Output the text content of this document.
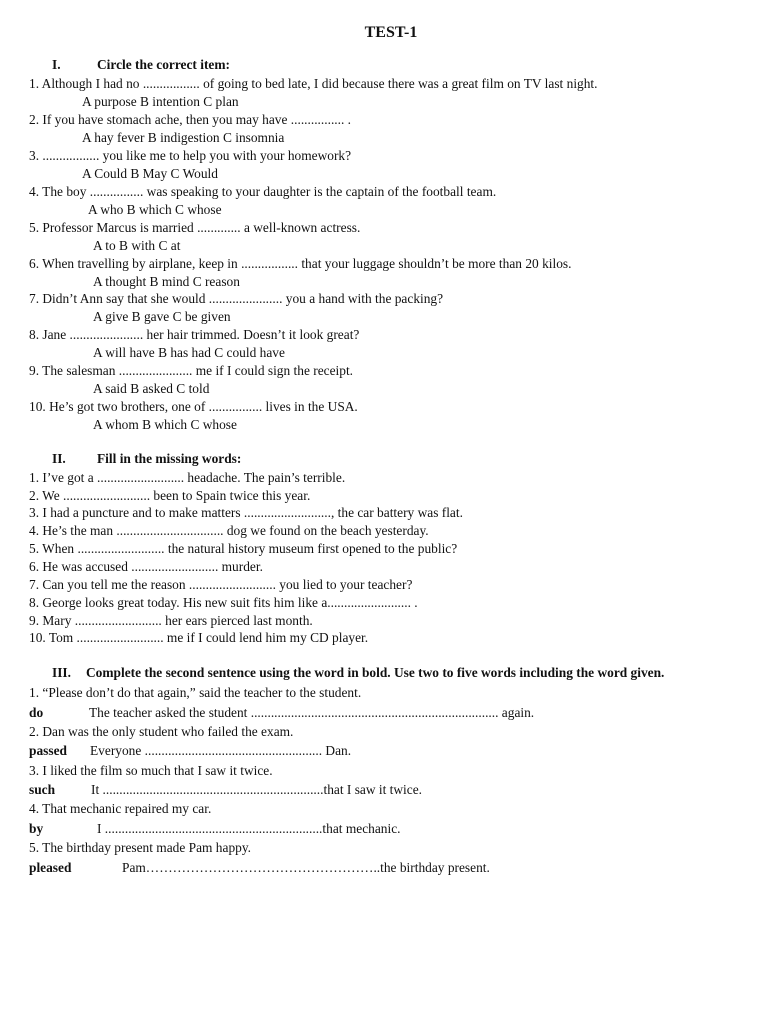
TEST-1
I.	Circle the correct item:
1. Although I had no ................. of going to bed late, I did because there was a great film on TV last night.
A purpose B intention C plan
2. If you have stomach ache, then you may have ................ .
A hay fever B indigestion C insomnia
3. ................. you like me to help you with your homework?
A Could B May C Would
4. The boy ................ was speaking to your daughter is the captain of the football team.
A who B which C whose
5. Professor Marcus is married ............. a well-known actress.
A to B with C at
6. When travelling by airplane, keep in ................. that your luggage shouldn’t be more than 20 kilos.
A thought B mind C reason
7. Didn’t Ann say that she would ...................... you a hand with the packing?
A give B gave C be given
8. Jane ...................... her hair trimmed. Doesn’t it look great?
A will have B has had C could have
9. The salesman ...................... me if I could sign the receipt.
A said B asked C told
10. He’s got two brothers, one of ................ lives in the USA.
A whom B which C whose
II. Fill in the missing words:
1. I’ve got a .......................... headache. The pain’s terrible.
2. We .......................... been to Spain twice this year.
3. I had a puncture and to make matters .........................., the car battery was flat.
4. He’s the man ................................ dog we found on the beach yesterday.
5. When .......................... the natural history museum first opened to the public?
6. He was accused .......................... murder.
7. Can you tell me the reason .......................... you lied to your teacher?
8. George looks great today. His new suit fits him like a......................... .
9. Mary .......................... her ears pierced last month.
10. Tom .......................... me if I could lend him my CD player.
III. Complete the second sentence using the word in bold. Use two to five words including the word given.
1. “Please don’t do that again,” said the teacher to the student.
do	The teacher asked the student .......................................................................... again.
2. Dan was the only student who failed the exam.
passed Everyone ..................................................... Dan.
3. I liked the film so much that I saw it twice.
such	It ..................................................................that I saw it twice.
4. That mechanic repaired my car.
by	I .................................................................that mechanic.
5. The birthday present made Pam happy.
pleased	Pam……………………………………………..the birthday present.
